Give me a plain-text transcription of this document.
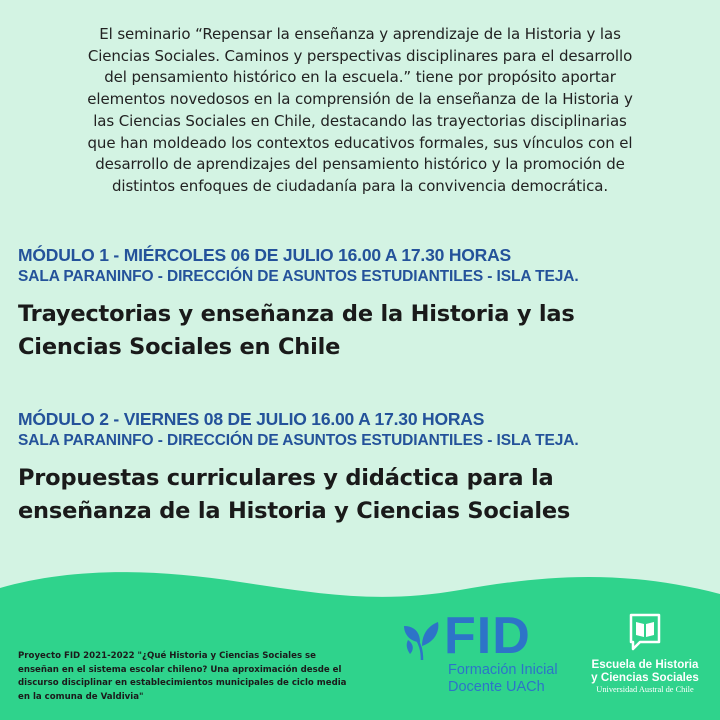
El seminario “Repensar la enseñanza y aprendizaje de la Historia y las
Ciencias Sociales. Caminos y perspectivas disciplinares para el desarrollo
del pensamiento histórico en la escuela.” tiene por propósito aportar
elementos novedosos en la comprensión de la enseñanza de la Historia y
las Ciencias Sociales en Chile, destacando las trayectorias disciplinarias
que han moldeado los contextos educativos formales, sus vínculos con el
desarrollo de aprendizajes del pensamiento histórico y la promoción de
distintos enfoques de ciudadanía para la convivencia democrática.
MÓDULO 1 - MIÉRCOLES 06 DE JULIO 16.00 A 17.30 HORAS
SALA PARANINFO - DIRECCIÓN DE ASUNTOS ESTUDIANTILES - ISLA TEJA.
Trayectorias y enseñanza de la Historia y las
Ciencias Sociales en Chile
MÓDULO 2 - VIERNES 08 DE JULIO 16.00 A 17.30 HORAS
SALA PARANINFO - DIRECCIÓN DE ASUNTOS ESTUDIANTILES - ISLA TEJA.
Propuestas curriculares y didáctica para la
enseñanza de la Historia y Ciencias Sociales
Proyecto FID 2021-2022 "¿Qué Historia y Ciencias Sociales se
enseñan en el sistema escolar chileno? Una aproximación desde el
discurso disciplinar en establecimientos municipales de ciclo media
en la comuna de Valdivia"
FID
Formación Inicial
Docente UACh
Escuela de Historia
y Ciencias Sociales
Universidad Austral de Chile
